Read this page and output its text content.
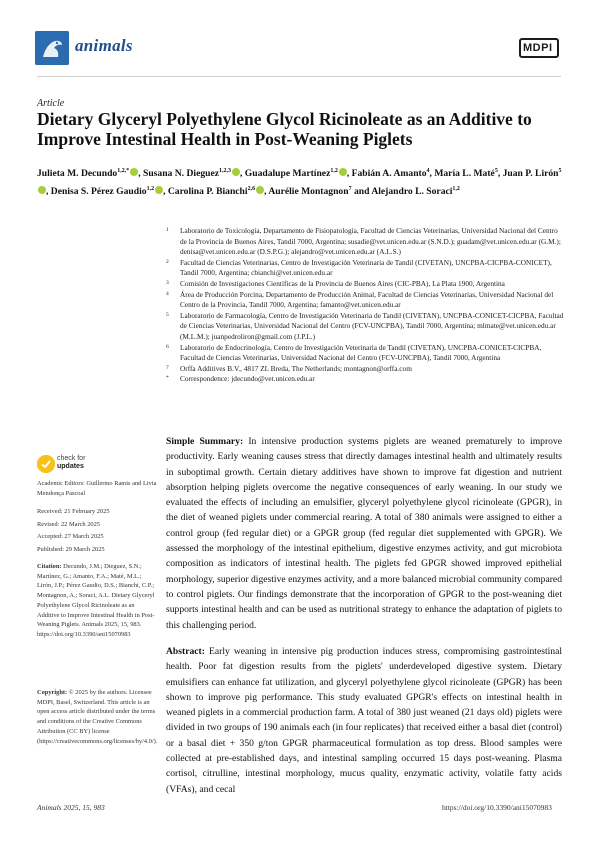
animals	MDPI
Article
Dietary Glyceryl Polyethylene Glycol Ricinoleate as an Additive to Improve Intestinal Health in Post-Weaning Piglets
Julieta M. Decundo$^{1,2,*}$ , Susana N. Dieguez$^{1,2,3}$ , Guadalupe Martínez$^{1,2}$ , Fabián A. Amanto$^4$, María L. Maté$^5$, Juan P. Lirón$^5$, Denisa S. Pérez Gaudio$^{1,2}$ , Carolina P. Bianchi$^{2,6}$ , Aurélie Montagnon$^7$ and Alejandro L. Soraci$^{1,2}$
1 Laboratorio de Toxicología, Departamento de Fisiopatología, Facultad de Ciencias Veterinarias, Universidad Nacional del Centro de la Provincia de Buenos Aires, Tandil 7000, Argentina; susadie@vet.unicen.edu.ar (S.N.D.); guadam@vet.unicen.edu.ar (G.M.); denisa@vet.unicen.edu.ar (D.S.P.G.); alejandro@vet.unicen.edu.ar (A.L.S.)
2 Facultad de Ciencias Veterinarias, Centro de Investigación Veterinaria de Tandil (CIVETAN), UNCPBA-CICPBA-CONICET), Tandil 7000, Argentina; cbianchi@vet.unicen.edu.ar
3 Comisión de Investigaciones Científicas de la Provincia de Buenos Aires (CIC-PBA), La Plata 1900, Argentina
4 Área de Producción Porcina, Departamento de Producción Animal, Facultad de Ciencias Veterinarias, Universidad Nacional del Centro de la Provincia, Tandil 7000, Argentina; famanto@vet.unicen.edu.ar
5 Laboratorio de Farmacología, Centro de Investigación Veterinaria de Tandil (CIVETAN), UNCPBA-CONICET-CICPBA, Facultad de Ciencias Veterinarias, Universidad Nacional del Centro (FCV-UNCPBA), Tandil 7000, Argentina; mlmate@vet.unicen.edu.ar (M.L.M.); juanpedroliron@gmail.com (J.P.L.)
6 Laboratorio de Endocrinología, Centro de Investigación Veterinaria de Tandil (CIVETAN), UNCPBA-CONICET-CICPBA, Facultad de Ciencias Veterinarias, Universidad Nacional del Centro (FCV-UNCPBA), Tandil 7000, Argentina
7 Orffa Additives B.V., 4817 ZL Breda, The Netherlands; montagnon@orffa.com
* Correspondence: jdecundo@vet.unicen.edu.ar
check for
updates
Academic Editors: Guillermo Ramis and Livia Mendonça Pascoal
Received: 21 February 2025
Revised: 22 March 2025
Accepted: 27 March 2025
Published: 29 March 2025
Citation: Decundo, J.M.; Dieguez, S.N.; Martínez, G.; Amanto, F.A.; Maté, M.L.; Lirón, J.P.; Pérez Gaudio, D.S.; Bianchi, C.P.; Montagnon, A.; Soraci, A.L. Dietary Glyceryl Polyethylene Glycol Ricinoleate as an Additive to Improve Intestinal Health in Post-Weaning Piglets. Animals 2025, 15, 983. https://doi.org/10.3390/ani15070983
Copyright: © 2025 by the authors. Licensee MDPI, Basel, Switzerland. This article is an open access article distributed under the terms and conditions of the Creative Commons Attribution (CC BY) license (https://creativecommons.org/licenses/by/4.0/).
Simple Summary: In intensive production systems piglets are weaned prematurely to improve productivity. Early weaning causes stress that directly damages intestinal health and ultimately results in suboptimal growth. Certain dietary additives have shown to improve fat digestion and nutrient absorption helping piglets overcome the negative consequences of early weaning. In our study we evaluated the effects of including an emulsifier, glyceryl polyethylene glycol ricinoleate (GPGR), in the diet of weaned piglets under commercial rearing. A total of 380 animals were assigned to either a control group (fed regular diet) or a GPGR group (fed regular diet supplemented with GPGR). We assessed the morphology of the intestinal epithelium, digestive enzymes activity, and gut microbiota composition as indicators of intestinal health. The piglets fed GPGR showed improved epithelial morphology, superior digestive enzymes activity, and a more balanced microbial community compared to control piglets. Our findings demonstrate that the incorporation of GPGR to the post-weaning diet supports intestinal health and can be used as nutritional strategy to enhance the adaptation of piglets to this challenging period.
Abstract: Early weaning in intensive pig production induces stress, compromising gastrointestinal health. Poor fat digestion results from the piglets' underdeveloped digestive system. Dietary emulsifiers can enhance fat utilization, and glyceryl polyethylene glycol ricinoleate (GPGR) has been shown to improve pig performance. This study evaluated GPGR's effects on intestinal health in weaned piglets in a commercial production farm. A total of 380 just weaned (21 days old) piglets were divided in two groups of 190 animals each (in four replicates) that received either a basal diet (control) or a basal diet + 350 g/ton GPGR pharmaceutical formulation as top dress. Blood samples were collected at pre-established days, and intestinal sampling occurred 15 days post-weaning. Plasma cortisol, citrulline, intestinal morphology, mucus quality, enzymatic activity, volatile fatty acids (VFAs), and cecal
Animals 2025, 15, 983	https://doi.org/10.3390/ani15070983
